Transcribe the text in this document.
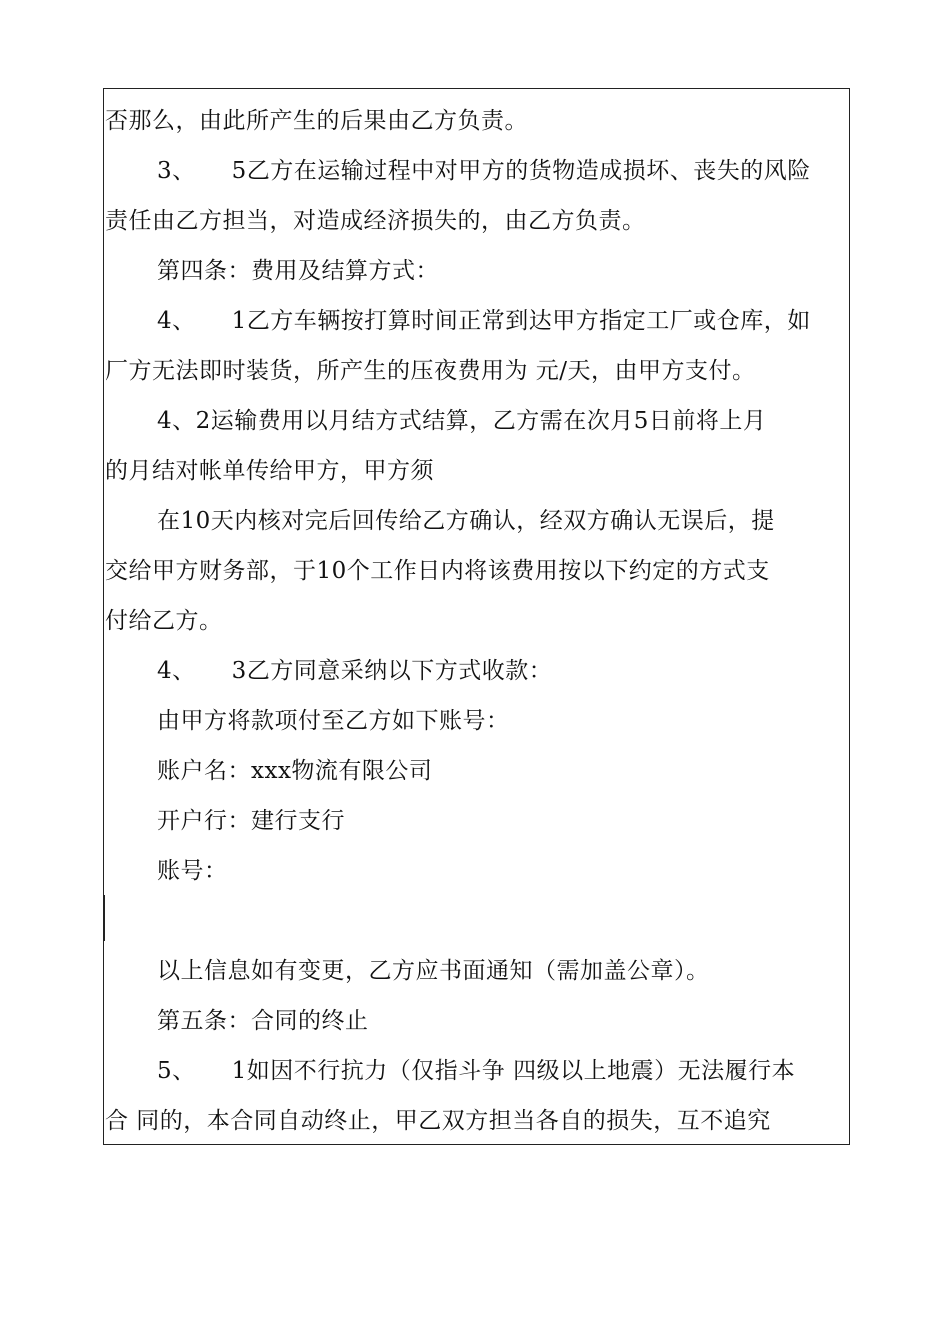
否那么，由此所产生的后果由乙方负责。
3、 5乙方在运输过程中对甲方的货物造成损坏、丧失的风险
责任由乙方担当，对造成经济损失的，由乙方负责。
第四条：费用及结算方式：
4、 1乙方车辆按打算时间正常到达甲方指定工厂或仓库，如
厂方无法即时装货，所产生的压夜费用为 元/天，由甲方支付。
4、2运输费用以月结方式结算，乙方需在次月5日前将上月
的月结对帐单传给甲方，甲方须
在10天内核对完后回传给乙方确认，经双方确认无误后，提
交给甲方财务部，于10个工作日内将该费用按以下约定的方式支
付给乙方。
4、 3乙方同意采纳以下方式收款：
由甲方将款项付至乙方如下账号：
账户名：xxx物流有限公司
开户行：建行支行
账号：
以上信息如有变更，乙方应书面通知（需加盖公章）。
第五条：合同的终止
5、 1如因不行抗力（仅指斗争 四级以上地震）无法履行本
合 同的，本合同自动终止，甲乙双方担当各自的损失，互不追究
